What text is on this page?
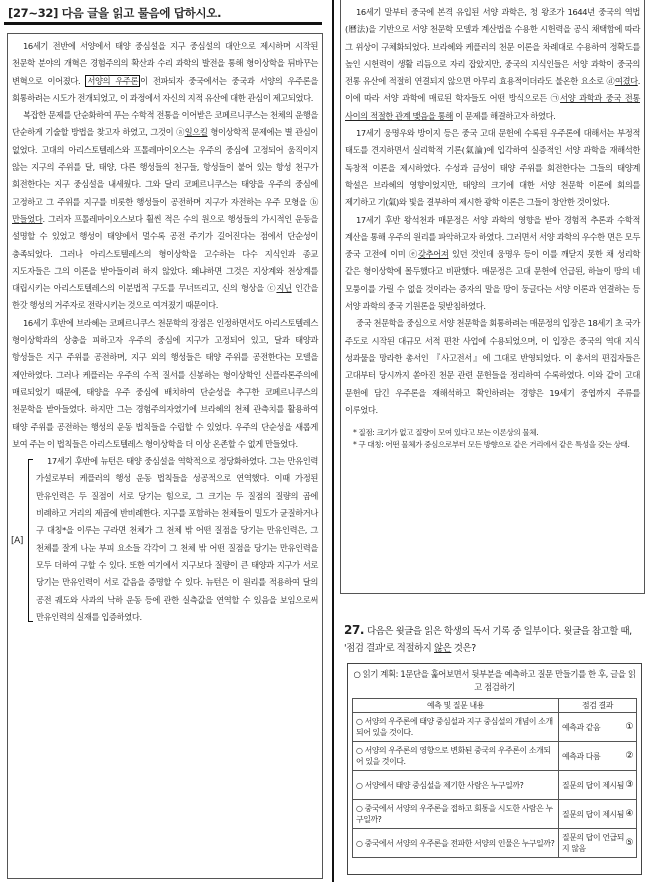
[27~32] 다음 글을 읽고 물음에 답하시오.

16세기 전반에 서양에서 태양 중심설을 지구 중심설의 대안으로 제시하며 시작된 천문학 분야의 개혁은 경험주의의 확산과 수리 과학의 발전을 통해 형이상학을 뒤바꾸는 변혁으로 이어졌다. 서양의 우주론 이 전파되자 중국에서는 중국과 서양의 우주론을 회통하려는 시도가 전개되었고, 이 과정에서 자신의 지적 유산에 대한 관심이 제고되었다.

복잡한 문제를 단순화하여 푸는 수학적 전통을 이어받은 코페르니쿠스는 천체의 운행을 단순하게 기술할 방법을 찾고자 하였고, 그것이 ⓐ일으킬 형이상학적 문제에는 별 관심이 없었다. 고대의 아리스토텔레스와 프톨레마이오스는 우주의 중심에 고정되어 움직이지 않는 지구의 주위를 달, 태양, 다른 행성들의 천구들, 항성들이 붙어 있는 항성 천구가 회전한다는 지구 중심설을 내세웠다. 그와 달리 코페르니쿠스는 태양을 우주의 중심에 고정하고 그 주위를 지구를 비롯한 행성들이 공전하며 지구가 자전하는 우주 모형을 ⓑ만들었다. 그러자 프톨레마이오스보다 훨씬 적은 수의 원으로 행성들의 가시적인 운동을 설명할 수 있었고 행성이 태양에서 멀수록 공전 주기가 길어진다는 점에서 단순성이 충족되었다. 그러나 아리스토텔레스의 형이상학을 고수하는 다수 지식인과 종교 지도자들은 그의 이론을 받아들이려 하지 않았다. 왜냐하면 그것은 지상계와 천상계를 대립시키는 아리스토텔레스의 이분법적 구도를 무너뜨리고, 신의 형상을 ⓒ지닌 인간을 한갓 행성의 거주자로 전락시키는 것으로 여겨졌기 때문이다.

16세기 후반에 브라헤는 코페르니쿠스 천문학의 장점은 인정하면서도 아리스토텔레스 형이상학과의 상충을 피하고자 우주의 중심에 지구가 고정되어 있고, 달과 태양과 항성들은 지구 주위를 공전하며, 지구 외의 행성들은 태양 주위를 공전한다는 모델을 제안하였다. 그러나 케플러는 우주의 수적 질서를 신봉하는 형이상학인 신플라톤주의에 매료되었기 때문에, 태양을 우주 중심에 배치하여 단순성을 추구한 코페르니쿠스의 천문학을 받아들였다. 하지만 그는 경험주의자였기에 브라헤의 천체 관측치를 활용하여 태양 주위를 공전하는 행성의 운동 법칙들을 수립할 수 있었다. 우주의 단순성을 새롭게 보여 주는 이 법칙들은 아리스토텔레스 형이상학을 더 이상 온존할 수 없게 만들었다.

[A]

17세기 후반에 뉴턴은 태양 중심설을 역학적으로 정당화하였다. 그는 만유인력 가설로부터 케플러의 행성 운동 법칙들을 성공적으로 연역했다. 이때 가정된 만유인력은 두 질점이 서로 당기는 힘으로, 그 크기는 두 질점의 질량의 곱에 비례하고 거리의 제곱에 반비례한다. 지구를 포함하는 천체들이 밀도가 균질하거나 구 대칭*을 이루는 구라면 천체가 그 천체 밖 어떤 질점을 당기는 만유인력은, 그 천체를 잘게 나눈 부피 요소들 각각이 그 천체 밖 어떤 질점을 당기는 만유인력을 모두 더하여 구할 수 있다. 또한 여기에서 지구보다 질량이 큰 태양과 지구가 서로 당기는 만유인력이 서로 같음을 증명할 수 있다. 뉴턴은 이 원리를 적용하여 달의 공전 궤도와 사과의 낙하 운동 등에 관한 실측값을 연역할 수 있음을 보임으로써 만유인력의 실재를 입증하였다.

16세기 말부터 중국에 본격 유입된 서양 과학은, 청 왕조가 1644년 중국의 역법(曆法)을 기반으로 서양 천문학 모델과 계산법을 수용한 시헌력을 공식 채택함에 따라 그 위상이 구체화되었다. 브라헤와 케플러의 천문 이론을 차례대로 수용하여 정확도를 높인 시헌력이 생활 리듬으로 자리 잡았지만, 중국의 지식인들은 서양 과학이 중국의 전통 유산에 적절히 연결되지 않으면 아무리 효용적이더라도 불온한 요소로 ⓓ여겼다. 이에 따라 서양 과학에 매료된 학자들도 어떤 방식으로든 ㉠서양 과학과 중국 전통 사이의 적절한 관계 맺음을 통해 이 문제를 해결하고자 하였다.

17세기 웅명우와 방이지 등은 중국 고대 문헌에 수록된 우주론에 대해서는 부정적 태도를 견지하면서 실리학적 기론(氣論)에 입각하여 실증적인 서양 과학을 재해석한 독창적 이론을 제시하였다. 수성과 금성이 태양 주위를 회전한다는 그들의 태양계 학설은 브라헤의 영향이었지만, 태양의 크기에 대한 서양 천문학 이론에 회의를 제기하고 기(氣)와 빛을 결부하여 제시한 광학 이론은 그들이 창안한 것이었다.

17세기 후반 왕석천과 매문정은 서양 과학의 영향을 받아 경험적 추론과 수학적 계산을 통해 우주의 원리를 파악하고자 하였다. 그러면서 서양 과학의 우수한 면은 모두 중국 고전에 이미 ⓔ갖추어져 있던 것인데 웅명우 등이 이를 깨닫지 못한 채 성리학 같은 형이상학에 몰두했다고 비판했다. 매문정은 고대 문헌에 언급된, 하늘이 땅의 네 모퉁이를 가릴 수 없을 것이라는 증자의 말을 땅이 둥글다는 서양 이론과 연결하는 등 서양 과학의 중국 기원론을 뒷받침하였다.

중국 천문학을 중심으로 서양 천문학을 회통하려는 매문정의 입장은 18세기 초 국가 주도로 시작된 대규모 서적 편찬 사업에 수용되었으며, 이 입장은 중국의 역대 지식 성과물을 망라한 총서인 『사고전서』에 그대로 반영되었다. 이 총서의 편집자들은 고대부터 당시까지 쏟아진 천문 관련 문헌들을 정리하여 수록하였다. 이와 같이 고대 문헌에 담긴 우주론을 재해석하고 확인하려는 경향은 19세기 중엽까지 주류를 이루었다.

* 질점: 크기가 없고 질량이 모여 있다고 보는 이론상의 물체.
* 구 대칭: 어떤 물체가 중심으로부터 모든 방향으로 같은 거리에서 같은 특성을 갖는 상태.
27. 다음은 윗글을 읽은 학생의 독서 기록 중 일부이다. 윗글을 참고할 때, '점검 결과'로 적절하지 않은 것은?
○ 읽기 계획: 1문단을 훑어보면서 뒷부분을 예측하고 질문 만들기를 한 후, 글을 읽고 점검하기
예측 및 질문 내용	점검 결과
○ 서양의 우주론에 태양 중심설과 지구 중심설의 개념이 소개되어 있을 것이다.	예측과 같음 ①

○ 서양의 우주론의 영향으로 변화된 중국의 우주론이 소개되어 있을 것이다.	예측과 다름 ②

○ 서양에서 태양 중심설을 제기한 사람은 누구일까?	질문의 답이 제시됨 ③

○ 중국에서 서양의 우주론을 접하고 회통을 시도한 사람은 누구일까?	질문의 답이 제시됨 ④

○ 중국에서 서양의 우주론을 전파한 서양의 인물은 누구일까?	질문의 답이 언급되지 않음
⑤
